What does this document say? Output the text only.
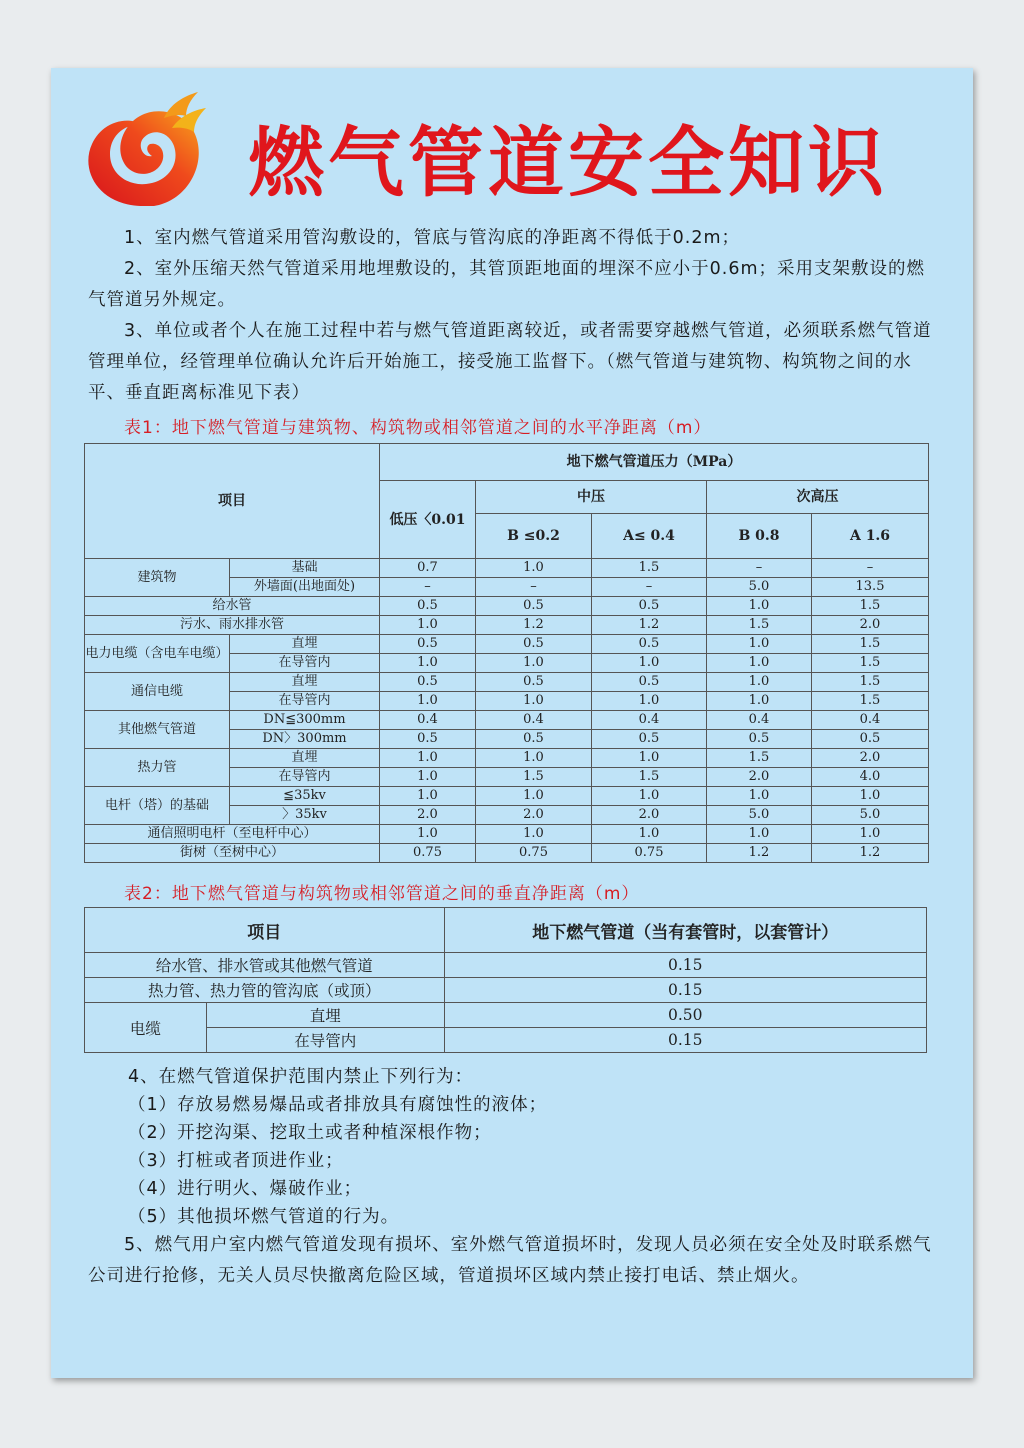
燃气管道安全知识

1、室内燃气管道采用管沟敷设的，管底与管沟底的净距离不得低于0.2m；

2、室外压缩天然气管道采用地埋敷设的，其管顶距地面的埋深不应小于0.6m；采用支架敷设的燃气管道另外规定。

3、单位或者个人在施工过程中若与燃气管道距离较近，或者需要穿越燃气管道，必须联系燃气管道管理单位，经管理单位确认允许后开始施工，接受施工监督下。（燃气管道与建筑物、构筑物之间的水平、垂直距离标准见下表）

表1：地下燃气管道与建筑物、构筑物或相邻管道之间的水平净距离（m）
项目		地下燃气管道压力（MPa）				
		低压〈0.01	中压		次高压	
			B ≤0.2	A≤ 0.4	B 0.8	A 1.6
建筑物	基础	0.7	1.0	1.5	–	–
	外墙面(出地面处)	–	–	–	5.0	13.5
给水管		0.5	0.5	0.5	1.0	1.5
污水、雨水排水管		1.0	1.2	1.2	1.5	2.0
电力电缆（含电车电缆）	直埋	0.5	0.5	0.5	1.0	1.5
	在导管内	1.0	1.0	1.0	1.0	1.5
通信电缆	直埋	0.5	0.5	0.5	1.0	1.5
	在导管内	1.0	1.0	1.0	1.0	1.5
其他燃气管道	DN≦300mm	0.4	0.4	0.4	0.4	0.4
	DN〉300mm	0.5	0.5	0.5	0.5	0.5
热力管	直埋	1.0	1.0	1.0	1.5	2.0
	在导管内	1.0	1.5	1.5	2.0	4.0
电杆（塔）的基础	≦35kv	1.0	1.0	1.0	1.0	1.0
	〉35kv	2.0	2.0	2.0	5.0	5.0
通信照明电杆（至电杆中心）		1.0	1.0	1.0	1.0	1.0
街树（至树中心）		0.75	0.75	0.75	1.2	1.2
表2：地下燃气管道与构筑物或相邻管道之间的垂直净距离（m）
项目		地下燃气管道（当有套管时，以套管计）
给水管、排水管或其他燃气管道		0.15
热力管、热力管的管沟底（或顶）		0.15
电缆	直埋	0.50
	在导管内	0.15
4、在燃气管道保护范围内禁止下列行为：
（1）存放易燃易爆品或者排放具有腐蚀性的液体；
（2）开挖沟渠、挖取土或者种植深根作物；
（3）打桩或者顶进作业；
（4）进行明火、爆破作业；
（5）其他损坏燃气管道的行为。

5、燃气用户室内燃气管道发现有损坏、室外燃气管道损坏时，发现人员必须在安全处及时联系燃气公司进行抢修，无关人员尽快撤离危险区域，管道损坏区域内禁止接打电话、禁止烟火。
